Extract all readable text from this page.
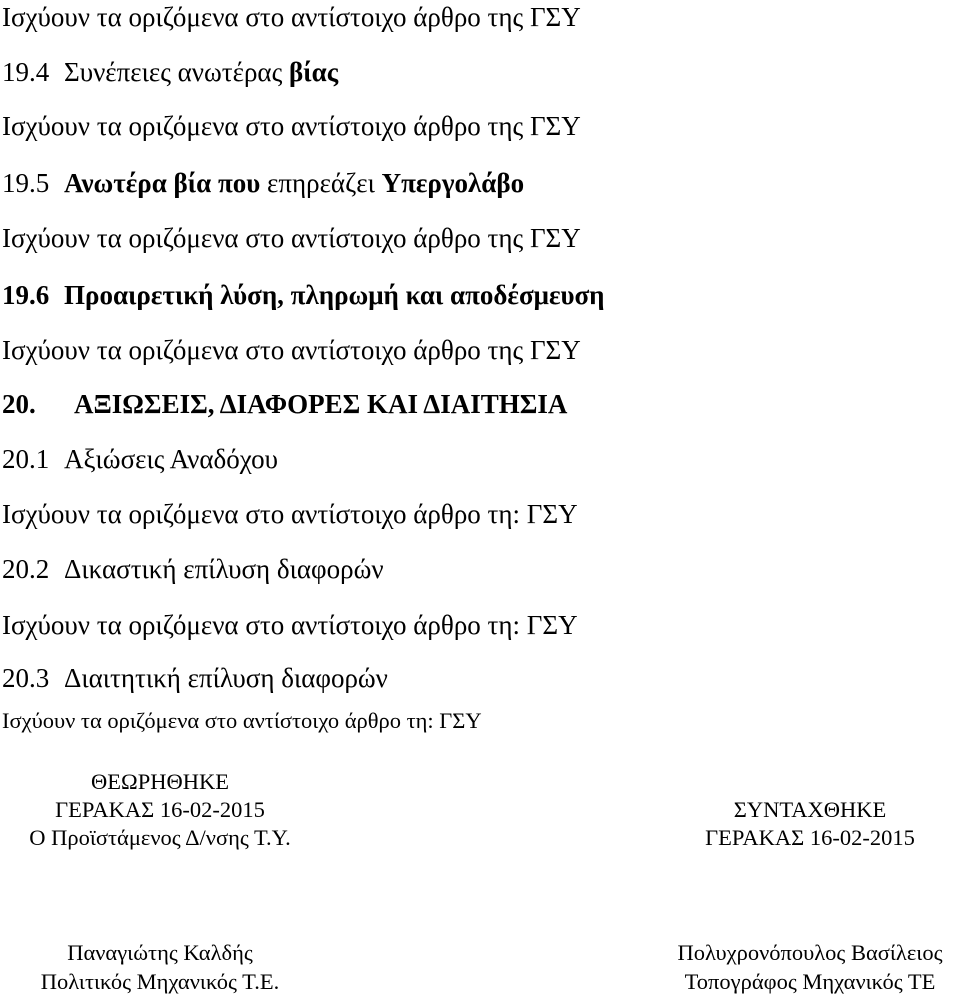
Ισχύουν τα οριζόμενα στο αντίστοιχο άρθρο της ΓΣΥ
19.4 Συνέπειες ανωτέρας βίας
Ισχύουν τα οριζόμενα στο αντίστοιχο άρθρο της ΓΣΥ
19.5 Ανωτέρα βία που επηρεάζει Υπεργολάβο
Ισχύουν τα οριζόμενα στο αντίστοιχο άρθρο της ΓΣΥ
19.6 Προαιρετική λύση, πληρωμή και αποδέσμευση
Ισχύουν τα οριζόμενα στο αντίστοιχο άρθρο της ΓΣΥ
20. ΑΞΙΩΣΕΙΣ, ΔΙΑΦΟΡΕΣ ΚΑΙ ΔΙΑΙΤΗΣΙΑ
20.1 Αξιώσεις Αναδόχου
Ισχύουν τα οριζόμενα στο αντίστοιχο άρθρο τη: ΓΣΥ
20.2 Δικαστική επίλυση διαφορών
Ισχύουν τα οριζόμενα στο αντίστοιχο άρθρο τη: ΓΣΥ
20.3 Διαιτητική επίλυση διαφορών
Ισχύουν τα οριζόμενα στο αντίστοιχο άρθρο τη: ΓΣΥ
ΘΕΩΡΗΘΗΚΕ
ΓΕΡΑΚΑΣ 16-02-2015
Ο Προϊστάμενος Δ/νσης Τ.Υ.
Παναγιώτης Καλδής
Πολιτικός Μηχανικός Τ.Ε.
ΣΥΝΤΑΧΘΗΚΕ
ΓΕΡΑΚΑΣ 16-02-2015
Πολυχρονόπουλος Βασίλειος
Τοπογράφος Μηχανικός ΤΕ
